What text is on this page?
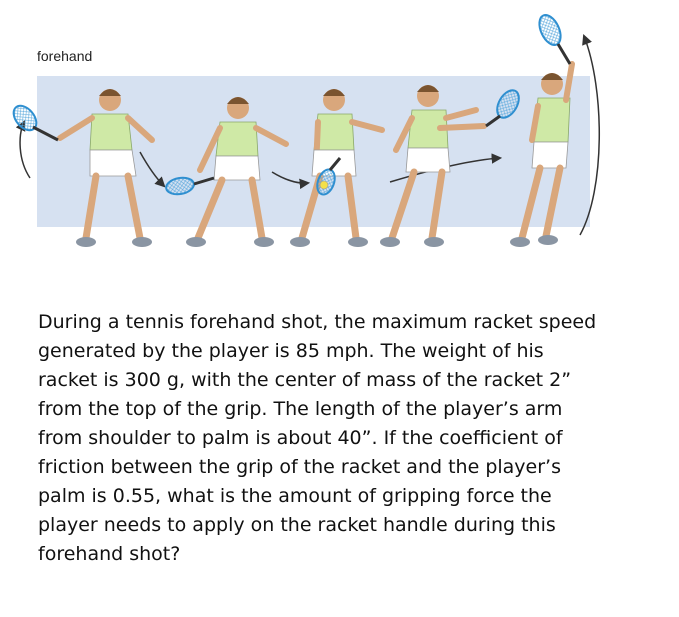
forehand
During a tennis forehand shot, the maximum racket speed
generated by the player is 85 mph. The weight of his
racket is 300 g, with the center of mass of the racket 2”
from the top of the grip. The length of the player’s arm
from shoulder to palm is about 40”. If the coefficient of
friction between the grip of the racket and the player’s
palm is 0.55, what is the amount of gripping force the
player needs to apply on the racket handle during this
forehand shot?
